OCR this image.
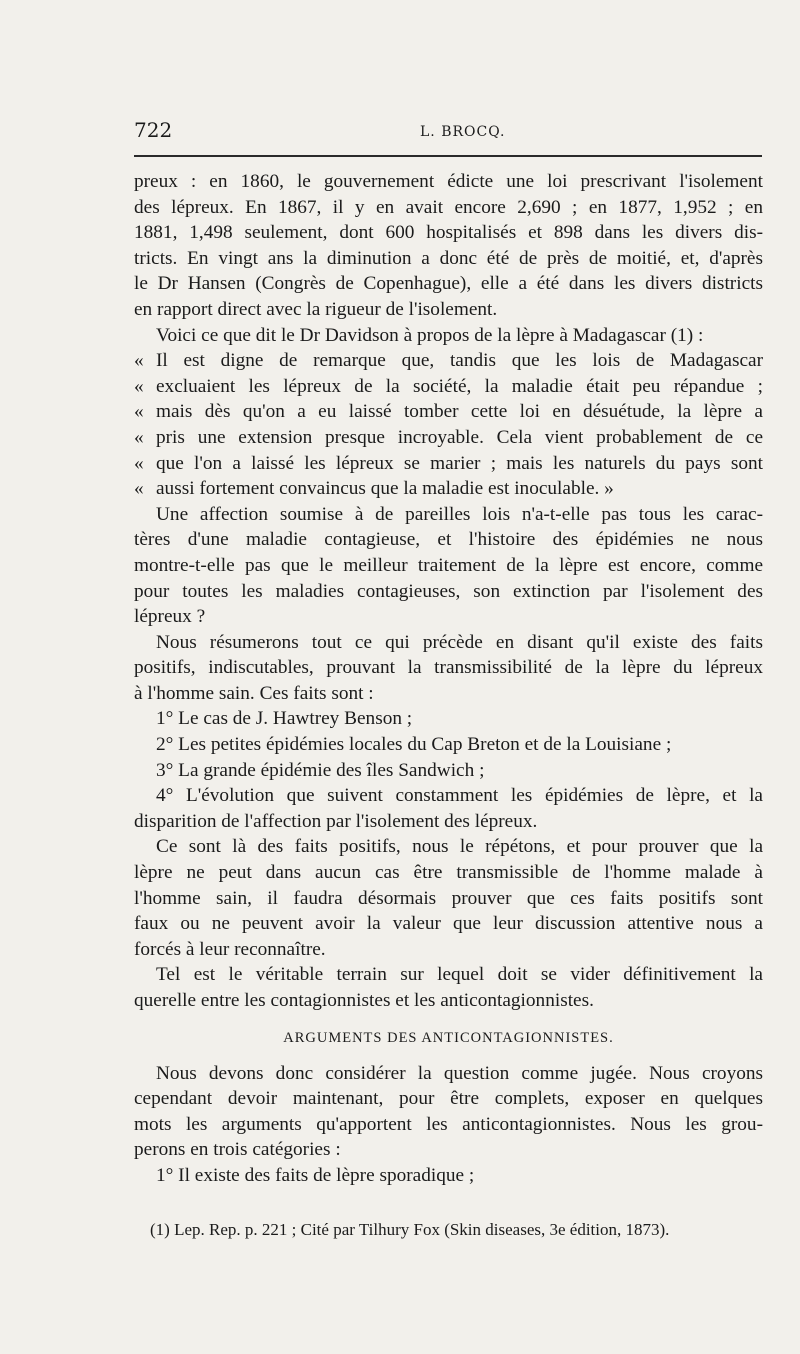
722	L. BROCQ.
preux : en 1860, le gouvernement édicte une loi prescrivant l'isolement
des lépreux. En 1867, il y en avait encore 2,690 ; en 1877, 1,952 ; en
1881, 1,498 seulement, dont 600 hospitalisés et 898 dans les divers dis-
tricts. En vingt ans la diminution a donc été de près de moitié, et, d'après
le Dr Hansen (Congrès de Copenhague), elle a été dans les divers districts
en rapport direct avec la rigueur de l'isolement.
Voici ce que dit le Dr Davidson à propos de la lèpre à Madagascar (1) :
« Il est digne de remarque que, tandis que les lois de Madagascar
« excluaient les lépreux de la société, la maladie était peu répandue ;
« mais dès qu'on a eu laissé tomber cette loi en désuétude, la lèpre a
« pris une extension presque incroyable. Cela vient probablement de ce
« que l'on a laissé les lépreux se marier ; mais les naturels du pays sont
« aussi fortement convaincus que la maladie est inoculable. »
Une affection soumise à de pareilles lois n'a-t-elle pas tous les carac-
tères d'une maladie contagieuse, et l'histoire des épidémies ne nous
montre-t-elle pas que le meilleur traitement de la lèpre est encore, comme
pour toutes les maladies contagieuses, son extinction par l'isolement des
lépreux ?
Nous résumerons tout ce qui précède en disant qu'il existe des faits
positifs, indiscutables, prouvant la transmissibilité de la lèpre du lépreux
à l'homme sain. Ces faits sont :
1° Le cas de J. Hawtrey Benson ;
2° Les petites épidémies locales du Cap Breton et de la Louisiane ;
3° La grande épidémie des îles Sandwich ;
4° L'évolution que suivent constamment les épidémies de lèpre, et la
disparition de l'affection par l'isolement des lépreux.
Ce sont là des faits positifs, nous le répétons, et pour prouver que la
lèpre ne peut dans aucun cas être transmissible de l'homme malade à
l'homme sain, il faudra désormais prouver que ces faits positifs sont
faux ou ne peuvent avoir la valeur que leur discussion attentive nous a
forcés à leur reconnaître.
Tel est le véritable terrain sur lequel doit se vider définitivement la
querelle entre les contagionnistes et les anticontagionnistes.
ARGUMENTS DES ANTICONTAGIONNISTES.
Nous devons donc considérer la question comme jugée. Nous croyons
cependant devoir maintenant, pour être complets, exposer en quelques
mots les arguments qu'apportent les anticontagionnistes. Nous les grou-
perons en trois catégories :
1° Il existe des faits de lèpre sporadique ;
(1) Lep. Rep. p. 221 ; Cité par Tilhury Fox (Skin diseases, 3e édition, 1873).
